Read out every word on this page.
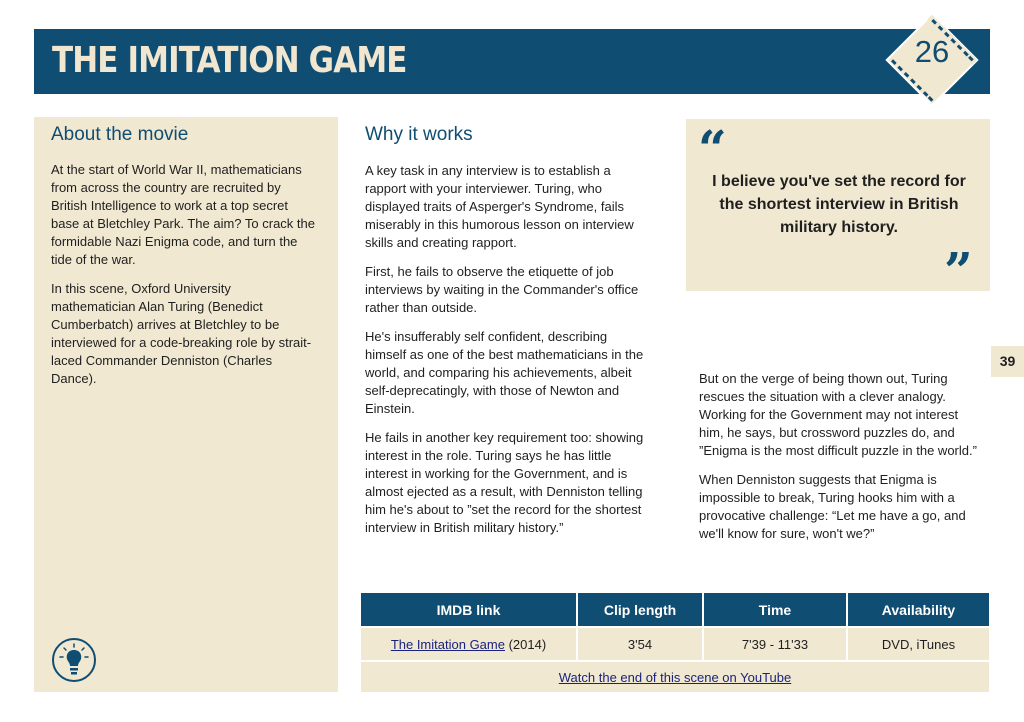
THE IMITATION GAME	26
About the movie

At the start of World War II, mathematicians from across the country are recruited by British Intelligence to work at a top secret base at Bletchley Park. The aim? To crack the formidable Nazi Enigma code, and turn the tide of the war.

In this scene, Oxford University mathematician Alan Turing (Benedict Cumberbatch) arrives at Bletchley to be interviewed for a code-breaking role by strait-laced Commander Denniston (Charles Dance).

Why it works

A key task in any interview is to establish a rapport with your interviewer. Turing, who displayed traits of Asperger's Syndrome, fails miserably in this humorous lesson on interview skills and creating rapport.

First, he fails to observe the etiquette of job interviews by waiting in the Commander's office rather than outside.

He's insufferably self confident, describing himself as one of the best mathematicians in the world, and comparing his achievements, albeit self-deprecatingly, with those of Newton and Einstein.

He fails in another key requirement too: showing interest in the role. Turing says he has little interest in working for the Government, and is almost ejected as a result, with Denniston telling him he's about to ”set the record for the shortest interview in British military history.”

“

I believe you've set the record for the shortest interview in British military history.

”

But on the verge of being thown out, Turing rescues the situation with a clever analogy. Working for the Government may not interest him, he says, but crossword puzzles do, and ”Enigma is the most difficult puzzle in the world.”

When Denniston suggests that Enigma is impossible to break, Turing hooks him with a provocative challenge: “Let me have a go, and we'll know for sure, won't we?”

39
IMDB link	Clip length	Time	Availability
The Imitation Game (2014)	3'54	7'39 - 11'33	DVD, iTunes
Watch the end of this scene on YouTube			
